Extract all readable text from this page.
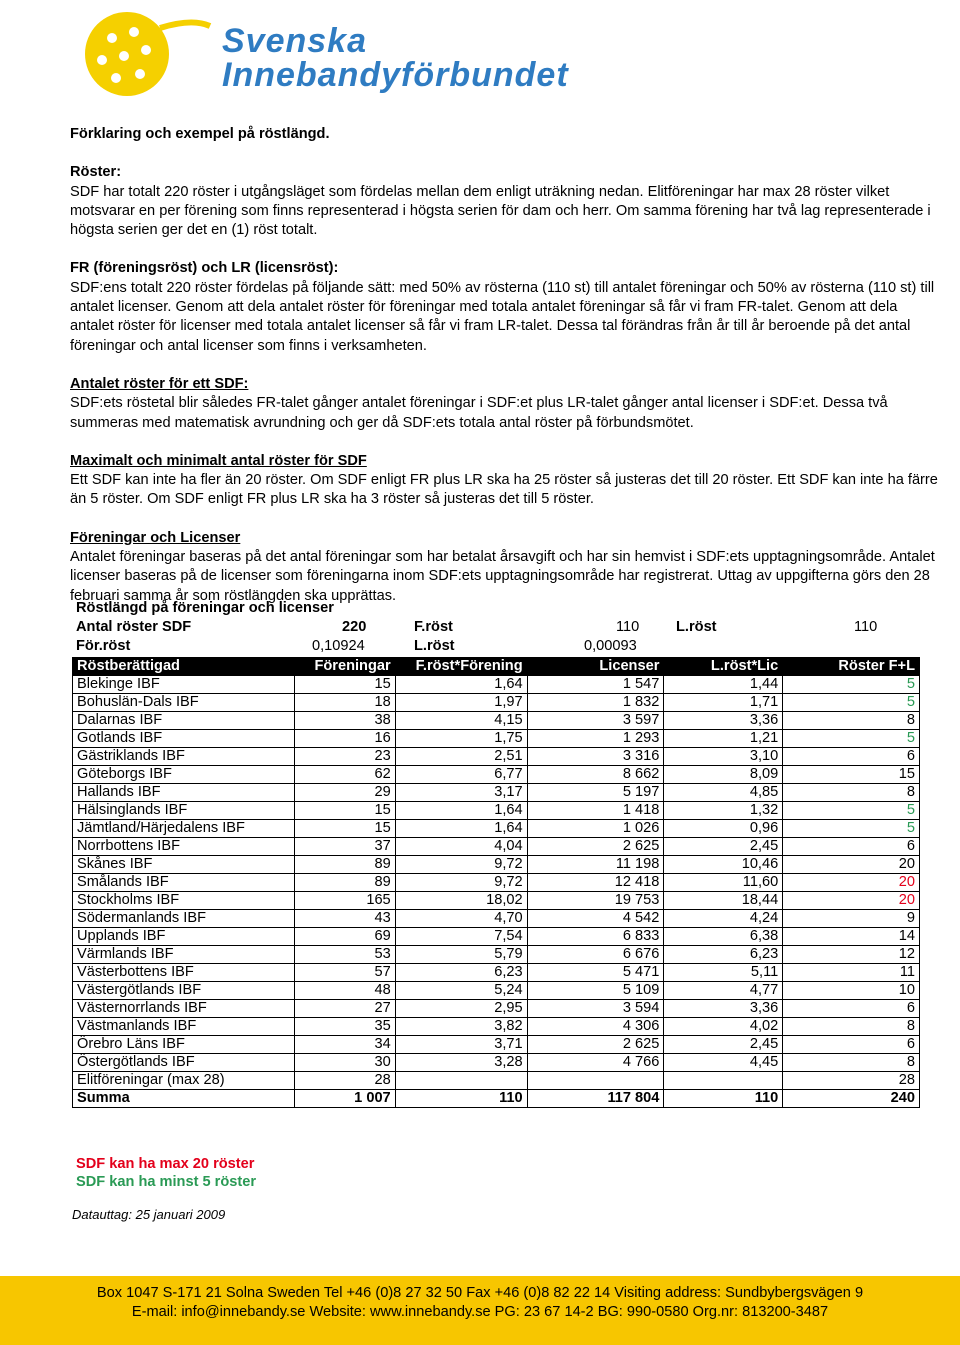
Svenska
Innebandyförbundet

Förklaring och exempel på röstlängd.

Röster:

SDF har totalt 220 röster i utgångsläget som fördelas mellan dem enligt uträkning nedan. Elitföreningar har max 28 röster vilket motsvarar en per förening som finns representerad i högsta serien för dam och herr. Om samma förening har två lag representerade i högsta serien ger det en (1) röst totalt.

FR (föreningsröst) och LR (licensröst):

SDF:ens totalt 220 röster fördelas på följande sätt: med 50% av rösterna (110 st) till antalet föreningar och 50% av rösterna (110 st) till antalet licenser. Genom att dela antalet röster för föreningar med totala antalet föreningar så får vi fram FR-talet. Genom att dela antalet röster för licenser med totala antalet licenser så får vi fram LR-talet. Dessa tal förändras från år till år beroende på det antal föreningar och antal licenser som finns i verksamheten.

Antalet röster för ett SDF:

SDF:ets röstetal blir således FR-talet gånger antalet föreningar i SDF:et plus LR-talet gånger antal licenser i SDF:et. Dessa två summeras med matematisk avrundning och ger då SDF:ets totala antal röster på förbundsmötet.

Maximalt och minimalt antal röster för SDF

Ett SDF kan inte ha fler än 20 röster. Om SDF enligt FR plus LR ska ha 25 röster så justeras det till 20 röster. Ett SDF kan inte ha färre än 5 röster. Om SDF enligt FR plus LR ska ha 3 röster så justeras det till 5 röster.

Föreningar och Licenser

Antalet föreningar baseras på det antal föreningar som har betalat årsavgift och har sin hemvist i SDF:ets upptagningsområde. Antalet licenser baseras på de licenser som föreningarna inom SDF:ets upptagningsområde har registrerat. Uttag av uppgifterna görs den 28 februari samma år som röstlängden ska upprättas.

Röstlängd på föreningar och licenser
Antal röster SDF	220	F.röst	110	L.röst	110
För.röst	0,10924	L.röst	0,00093
Röstberättigad	Föreningar	F.röst*Förening	Licenser	L.röst*Lic	Röster F+L
Blekinge IBF	15	1,64	1 547	1,44	5
Bohuslän-Dals IBF	18	1,97	1 832	1,71	5
Dalarnas IBF	38	4,15	3 597	3,36	8
Gotlands IBF	16	1,75	1 293	1,21	5
Gästriklands IBF	23	2,51	3 316	3,10	6
Göteborgs IBF	62	6,77	8 662	8,09	15
Hallands IBF	29	3,17	5 197	4,85	8
Hälsinglands IBF	15	1,64	1 418	1,32	5
Jämtland/Härjedalens IBF	15	1,64	1 026	0,96	5
Norrbottens IBF	37	4,04	2 625	2,45	6
Skånes IBF	89	9,72	11 198	10,46	20
Smålands IBF	89	9,72	12 418	11,60	20
Stockholms IBF	165	18,02	19 753	18,44	20
Södermanlands IBF	43	4,70	4 542	4,24	9
Upplands IBF	69	7,54	6 833	6,38	14
Värmlands IBF	53	5,79	6 676	6,23	12
Västerbottens IBF	57	6,23	5 471	5,11	11
Västergötlands IBF	48	5,24	5 109	4,77	10
Västernorrlands IBF	27	2,95	3 594	3,36	6
Västmanlands IBF	35	3,82	4 306	4,02	8
Örebro Läns IBF	34	3,71	2 625	2,45	6
Östergötlands IBF	30	3,28	4 766	4,45	8
Elitföreningar (max 28)	28				28
Summa	1 007	110	117 804	110	240
SDF kan ha max 20 röster
SDF kan ha minst 5 röster
Datauttag: 25 januari 2009
Box 1047 S-171 21 Solna Sweden Tel +46 (0)8 27 32 50 Fax +46 (0)8 82 22 14 Visiting address: Sundbybergsvägen 9
E-mail: info@innebandy.se Website: www.innebandy.se PG: 23 67 14-2 BG: 990-0580 Org.nr: 813200-3487
